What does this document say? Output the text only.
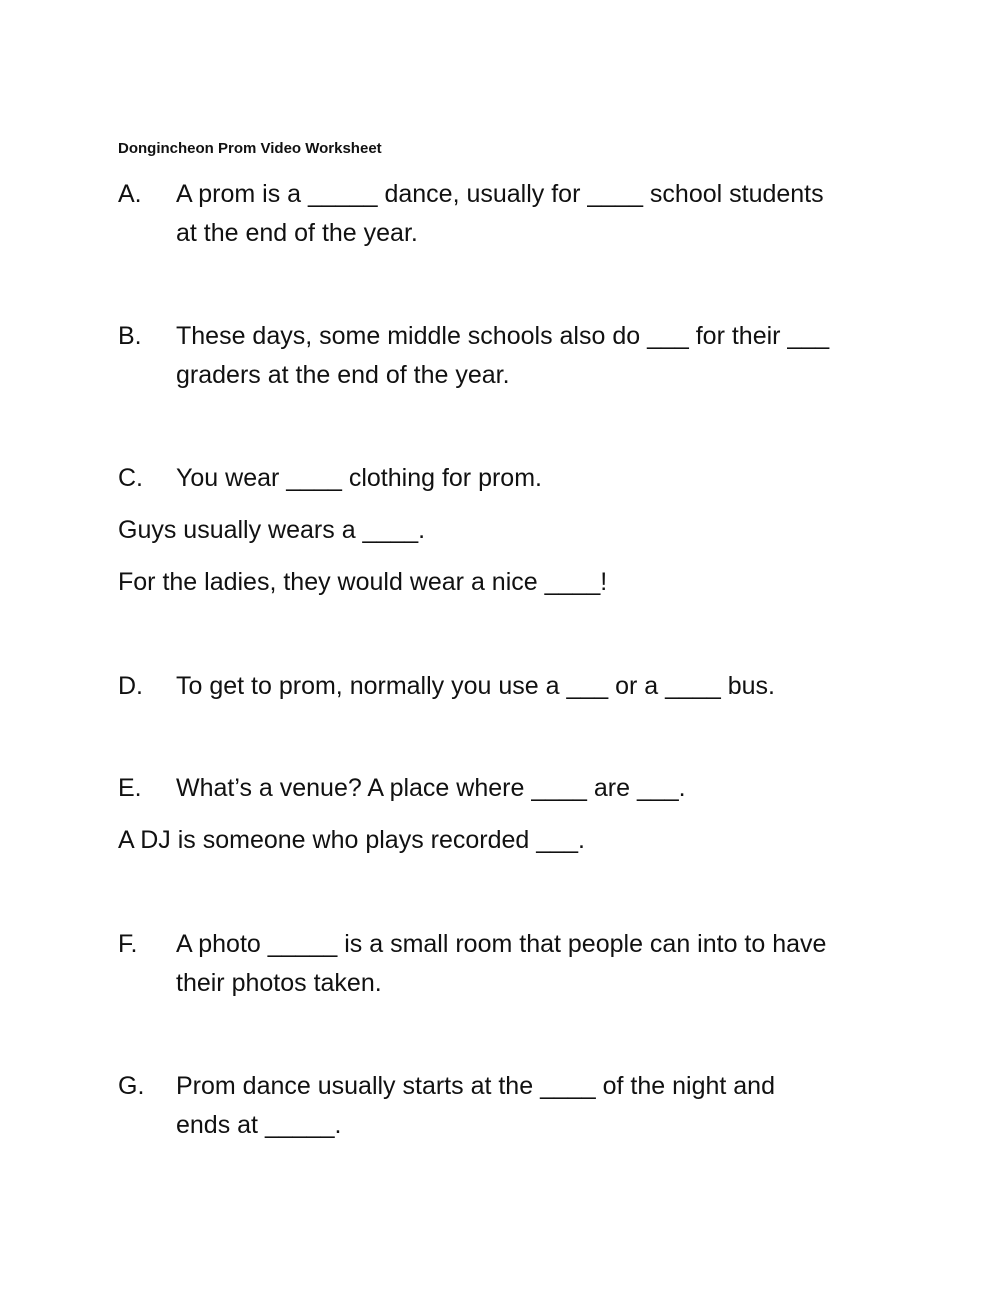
Dongincheon Prom Video Worksheet
A. A prom is a _____ dance, usually for ____ school students
at the end of the year.
B. These days, some middle schools also do ___ for their ___
graders at the end of the year.
C. You wear ____ clothing for prom.
Guys usually wears a ____.
For the ladies, they would wear a nice ____!
D. To get to prom, normally you use a ___ or a ____ bus.
E. What’s a venue? A place where ____ are ___.
A DJ is someone who plays recorded ___.
F. A photo _____ is a small room that people can into to have
their photos taken.
G. Prom dance usually starts at the ____ of the night and
ends at _____.
